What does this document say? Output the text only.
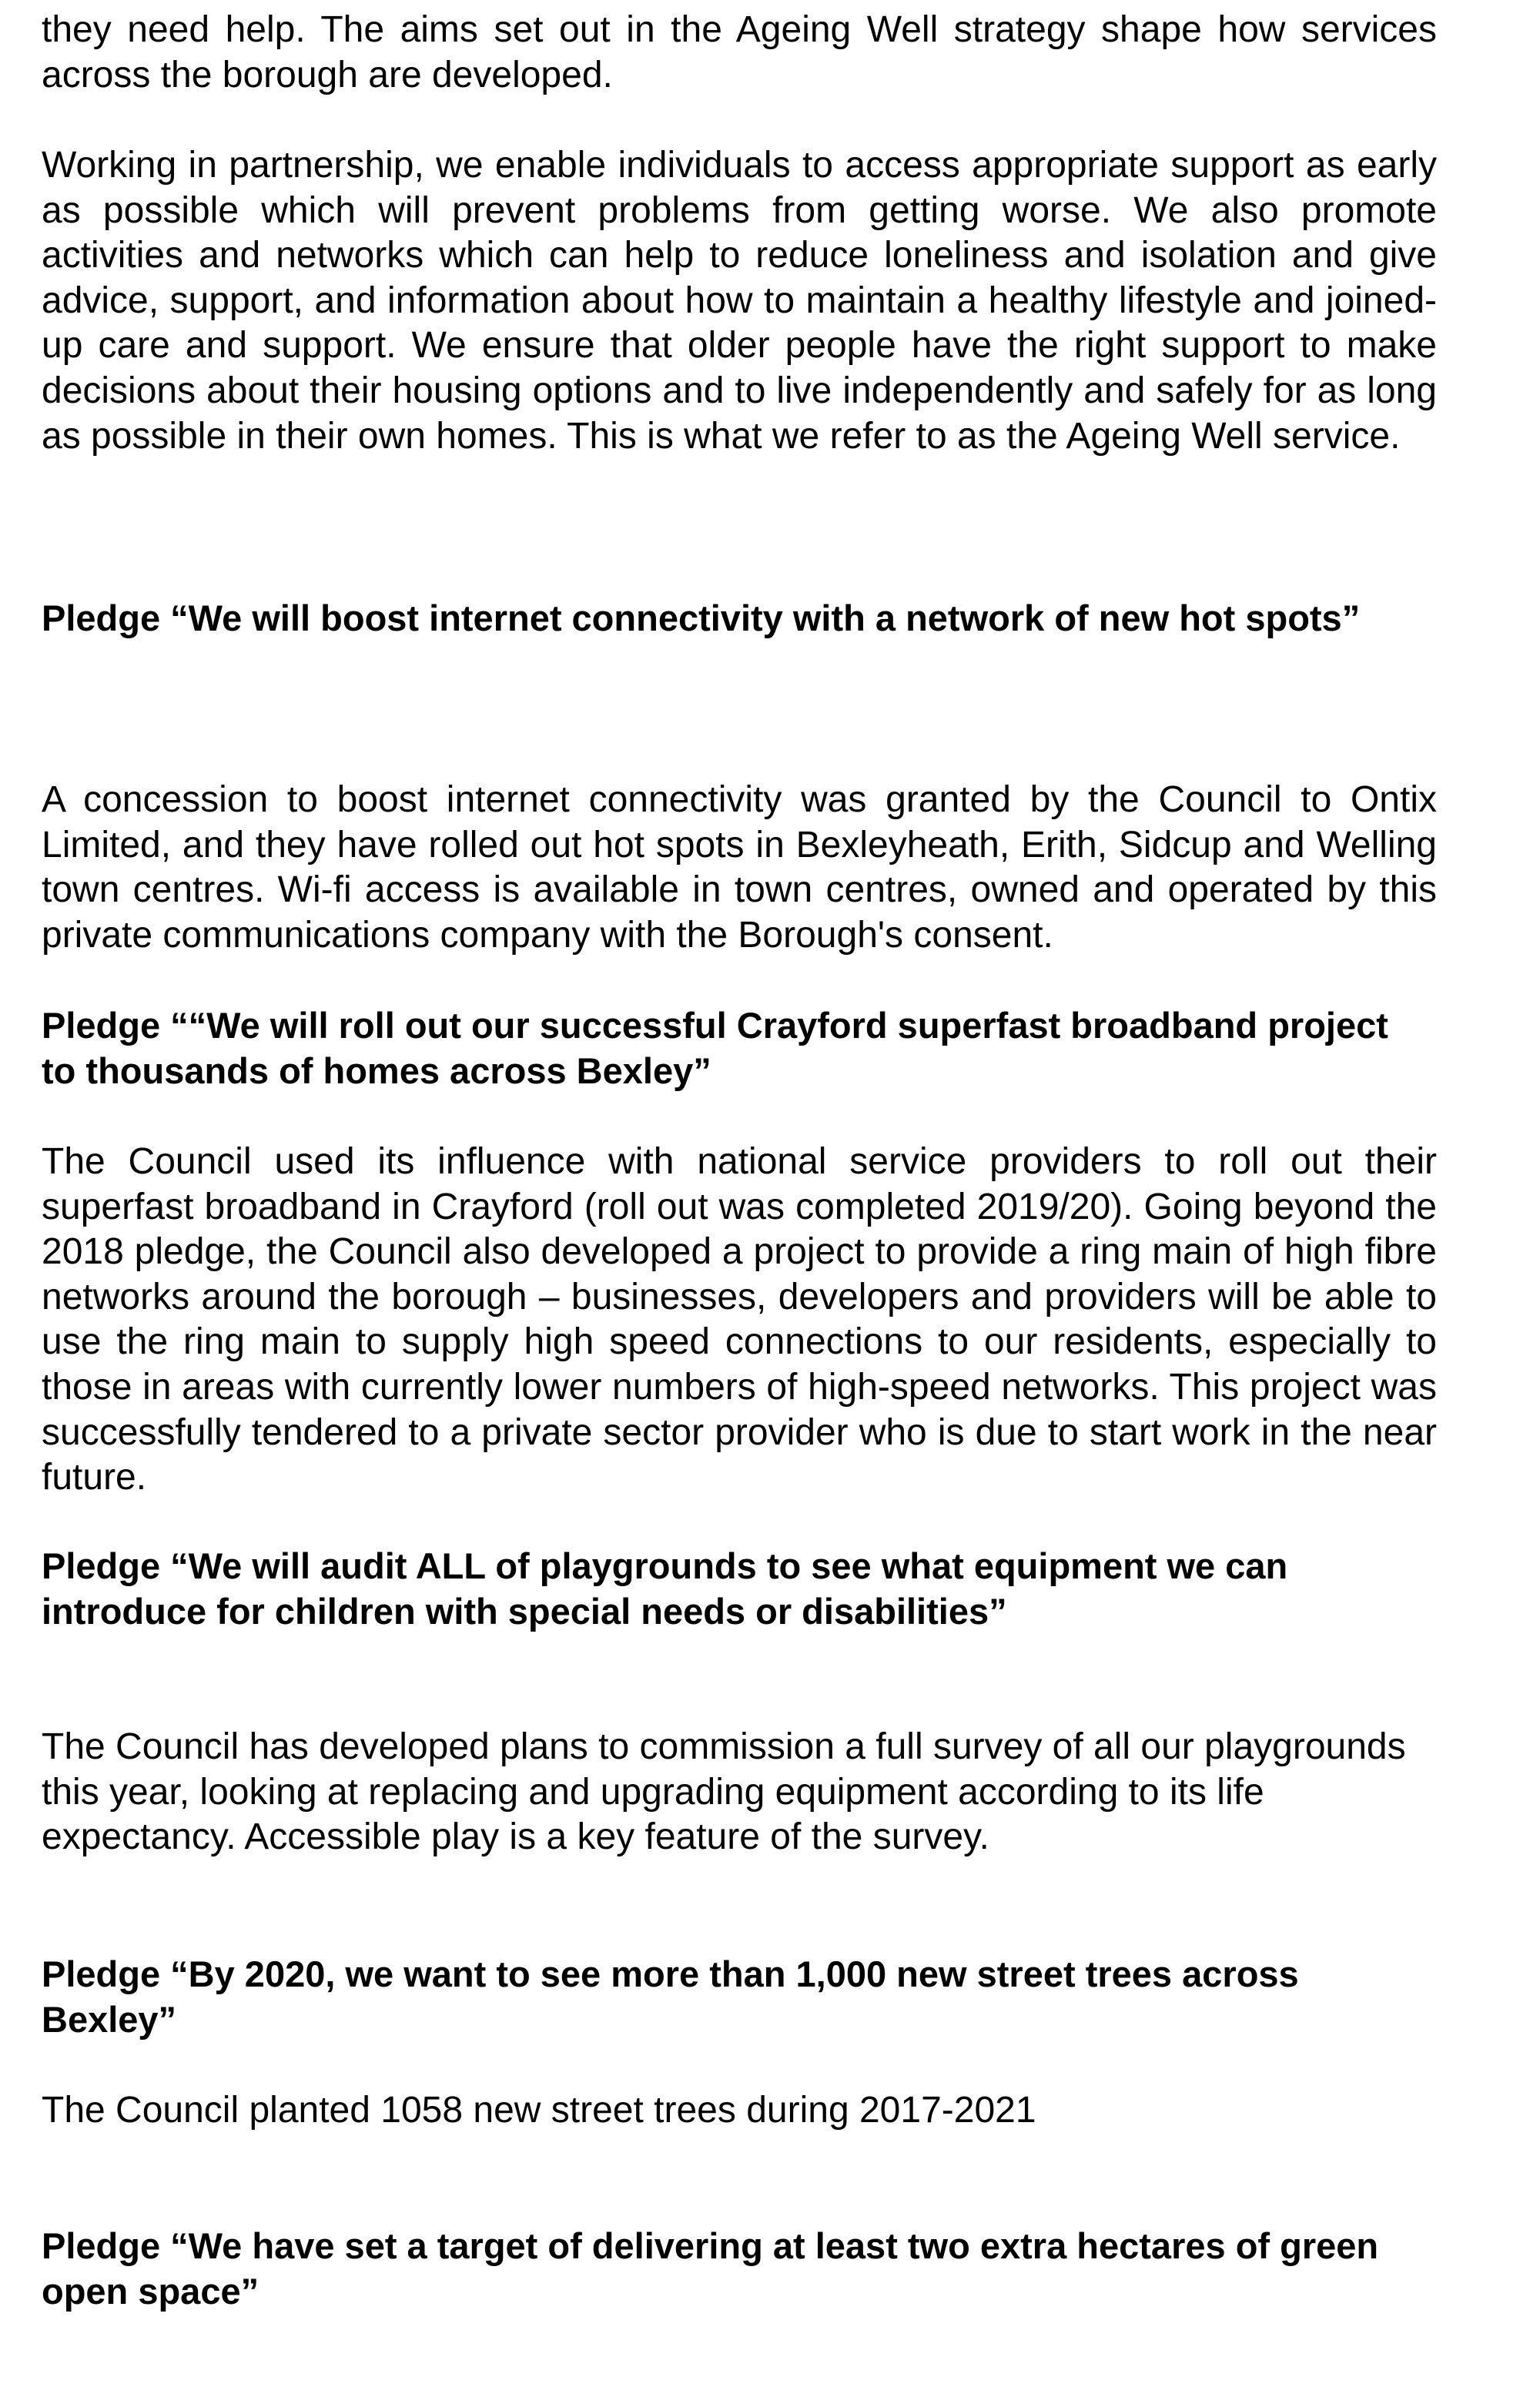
they need help. The aims set out in the Ageing Well strategy shape how services across the borough are developed.

Working in partnership, we enable individuals to access appropriate support as early as possible which will prevent problems from getting worse. We also promote activities and networks which can help to reduce loneliness and isolation and give advice, support, and information about how to maintain a healthy lifestyle and joined-up care and support. We ensure that older people have the right support to make decisions about their housing options and to live independently and safely for as long as possible in their own homes. This is what we refer to as the Ageing Well service.

Pledge “We will boost internet connectivity with a network of new hot spots”

A concession to boost internet connectivity was granted by the Council to Ontix Limited, and they have rolled out hot spots in Bexleyheath, Erith, Sidcup and Welling town centres. Wi-fi access is available in town centres, owned and operated by this private communications company with the Borough's consent.

Pledge ““We will roll out our successful Crayford superfast broadband project to thousands of homes across Bexley”

The Council used its influence with national service providers to roll out their superfast broadband in Crayford (roll out was completed 2019/20). Going beyond the 2018 pledge, the Council also developed a project to provide a ring main of high fibre networks around the borough – businesses, developers and providers will be able to use the ring main to supply high speed connections to our residents, especially to those in areas with currently lower numbers of high-speed networks. This project was successfully tendered to a private sector provider who is due to start work in the near future.

Pledge “We will audit ALL of playgrounds to see what equipment we can introduce for children with special needs or disabilities”

The Council has developed plans to commission a full survey of all our playgrounds this year, looking at replacing and upgrading equipment according to its life expectancy. Accessible play is a key feature of the survey.

Pledge “By 2020, we want to see more than 1,000 new street trees across Bexley”

The Council planted 1058 new street trees during 2017-2021

Pledge “We have set a target of delivering at least two extra hectares of green open space”
